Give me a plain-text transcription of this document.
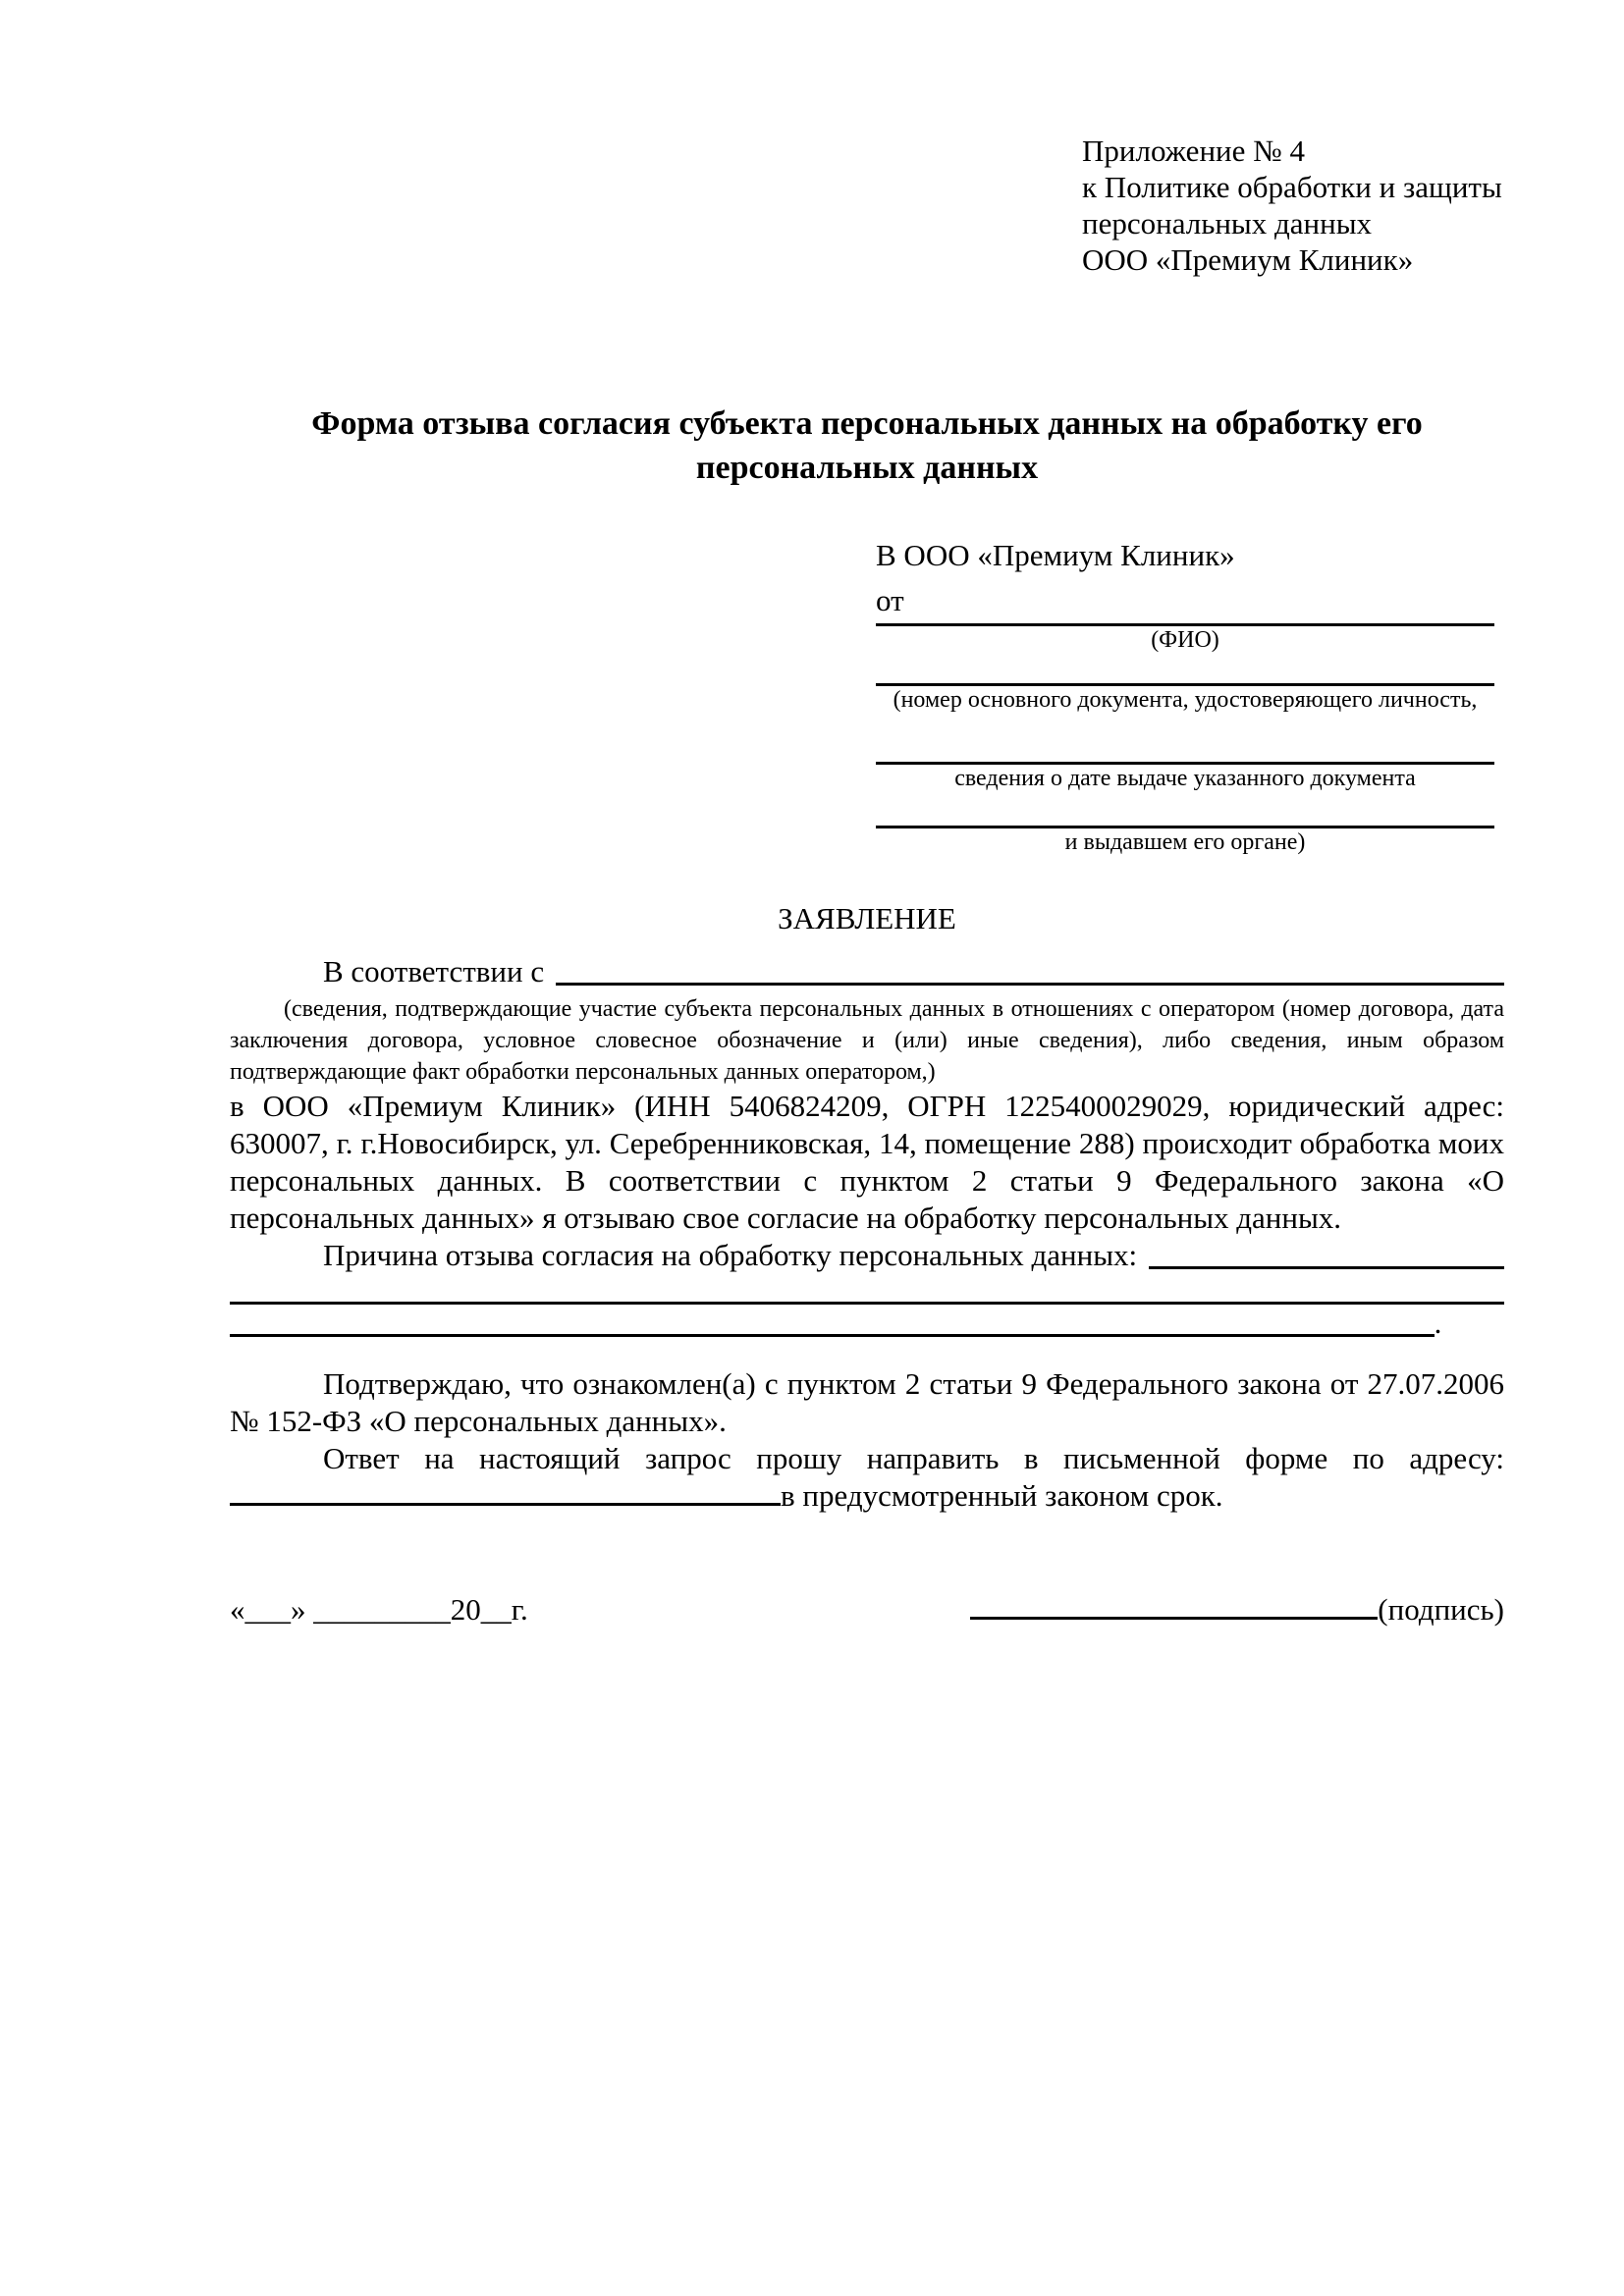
Приложение № 4
к Политике обработки и защиты
персональных данных
ООО «Премиум Клиник»
Форма отзыва согласия субъекта персональных данных на обработку его персональных данных
В ООО «Премиум Клиник»
от
(ФИО)
(номер основного документа, удостоверяющего личность,
сведения о дате выдаче указанного документа
и выдавшем его органе)
ЗАЯВЛЕНИЕ
В соответствии с
(сведения, подтверждающие участие субъекта персональных данных в отношениях с оператором (номер договора, дата заключения договора, условное словесное обозначение и (или) иные сведения), либо сведения, иным образом подтверждающие факт обработки персональных данных оператором,)
в ООО «Премиум Клиник» (ИНН 5406824209, ОГРН 1225400029029, юридический адрес: 630007, г. г.Новосибирск, ул. Серебренниковская, 14, помещение 288) происходит обработка моих персональных данных. В соответствии с пунктом 2 статьи 9 Федерального закона «О персональных данных» я отзываю свое согласие на обработку персональных данных.
Причина отзыва согласия на обработку персональных данных:
.
Подтверждаю, что ознакомлен(а) с пунктом 2 статьи 9 Федерального закона от 27.07.2006 № 152-ФЗ «О персональных данных».
Ответ на настоящий запрос прошу направить в письменной форме по адресу:
в предусмотренный законом срок.
«___» _________20__г.	(подпись)
